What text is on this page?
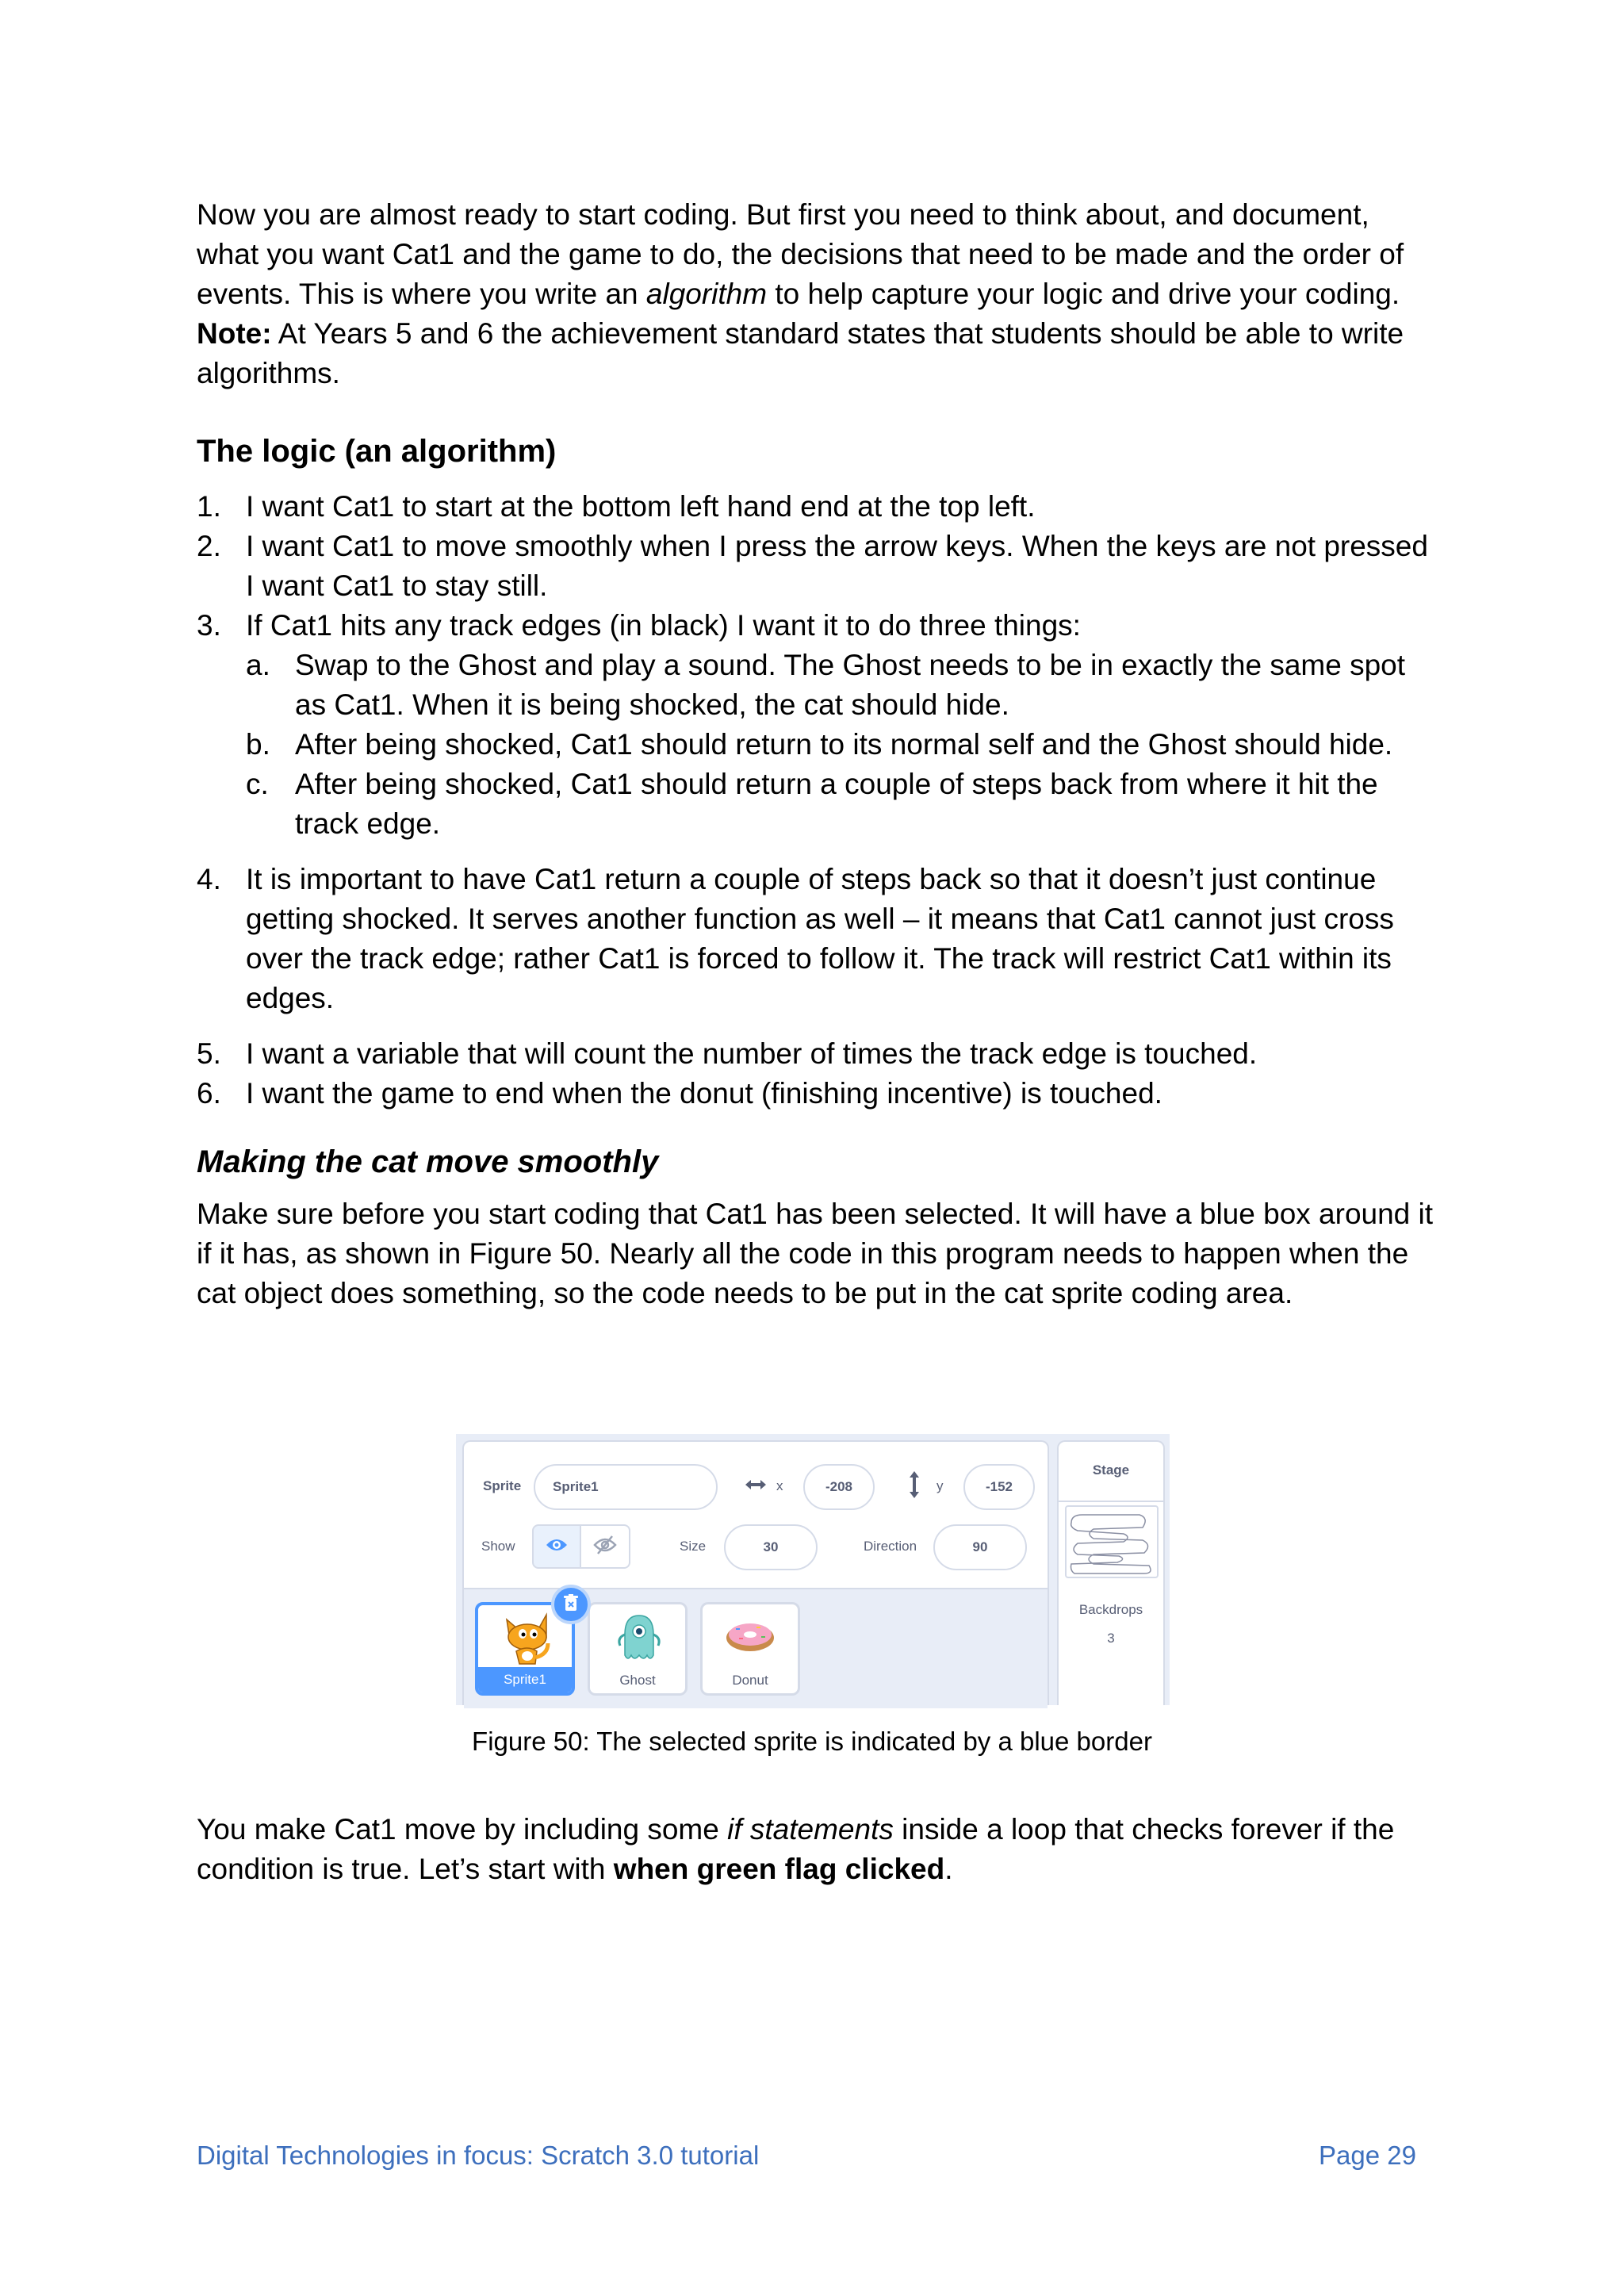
Now you are almost ready to start coding. But first you need to think about, and document, what you want Cat1 and the game to do, the decisions that need to be made and the order of events. This is where you write an algorithm to help capture your logic and drive your coding. Note: At Years 5 and 6 the achievement standard states that students should be able to write algorithms.

The logic (an algorithm)
1. I want Cat1 to start at the bottom left hand end at the top left.
2. I want Cat1 to move smoothly when I press the arrow keys. When the keys are not pressed I want Cat1 to stay still.
3. If Cat1 hits any track edges (in black) I want it to do three things:
a. Swap to the Ghost and play a sound. The Ghost needs to be in exactly the same spot as Cat1. When it is being shocked, the cat should hide.
b. After being shocked, Cat1 should return to its normal self and the Ghost should hide.
c. After being shocked, Cat1 should return a couple of steps back from where it hit the track edge.
4. It is important to have Cat1 return a couple of steps back so that it doesn’t just continue getting shocked. It serves another function as well – it means that Cat1 cannot just cross over the track edge; rather Cat1 is forced to follow it. The track will restrict Cat1 within its edges.
5. I want a variable that will count the number of times the track edge is touched.
6. I want the game to end when the donut (finishing incentive) is touched.
Making the cat move smoothly

Make sure before you start coding that Cat1 has been selected. It will have a blue box around it if it has, as shown in Figure 50. Nearly all the code in this program needs to happen when the cat object does something, so the code needs to be put in the cat sprite coding area.

Sprite	Sprite1	x	-208	y	-152
Show	Size	30	Direction	90
Sprite1	Ghost	Donut
Stage
Backdrops
3
Figure 50: The selected sprite is indicated by a blue border

You make Cat1 move by including some if statements inside a loop that checks forever if the condition is true. Let’s start with when green flag clicked.

Digital Technologies in focus: Scratch 3.0 tutorial	Page 29
